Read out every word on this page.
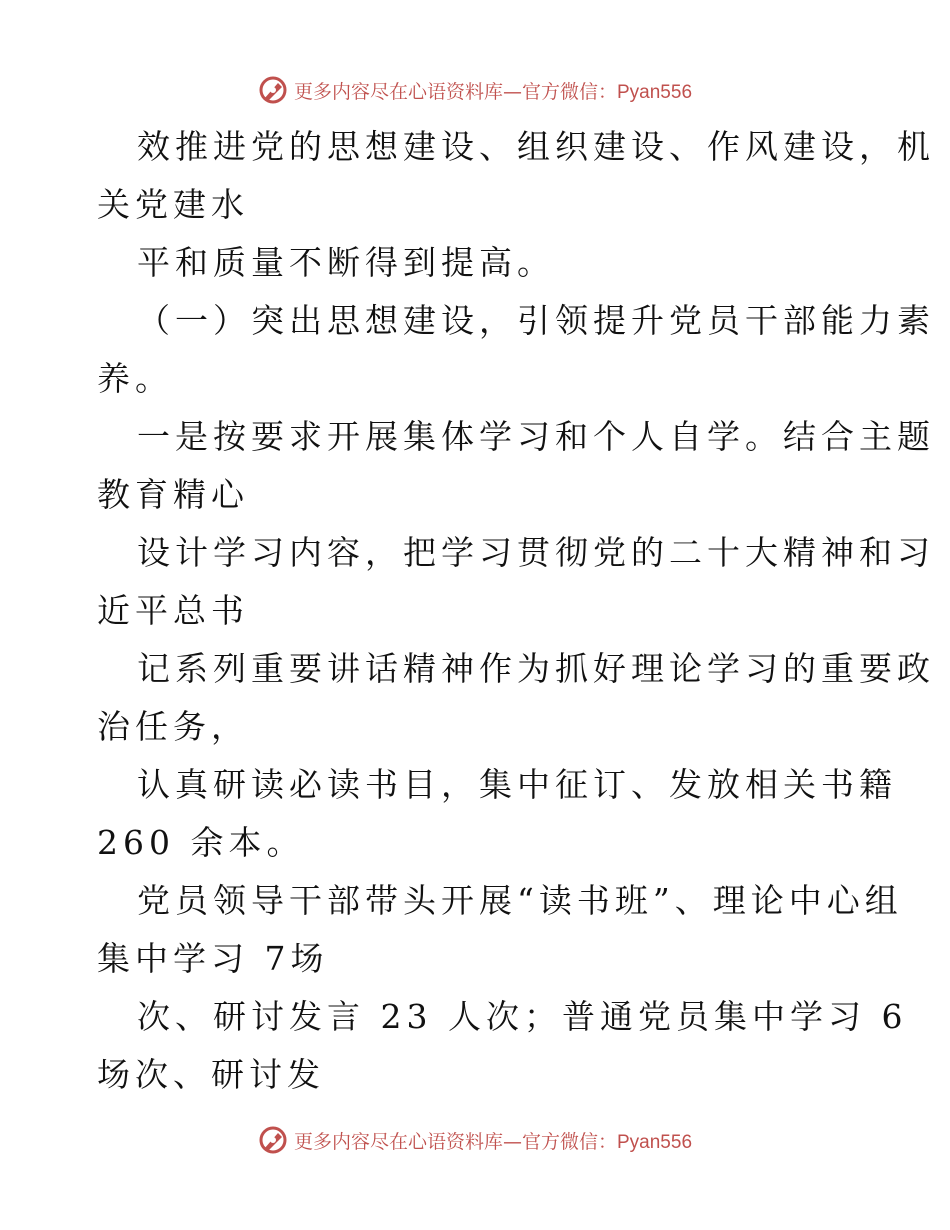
更多内容尽在心语资料库—官方微信：Pyan556
效推进党的思想建设、组织建设、作风建设，机
关党建水
平和质量不断得到提高。
（一）突出思想建设，引领提升党员干部能力素
养。
一是按要求开展集体学习和个人自学。结合主题
教育精心
设计学习内容，把学习贯彻党的二十大精神和习
近平总书
记系列重要讲话精神作为抓好理论学习的重要政
治任务，
认真研读必读书目，集中征订、发放相关书籍
260 余本。
党员领导干部带头开展“读书班”、理论中心组
集中学习 7场
次、研讨发言 23 人次；普通党员集中学习 6
场次、研讨发
更多内容尽在心语资料库—官方微信：Pyan556
